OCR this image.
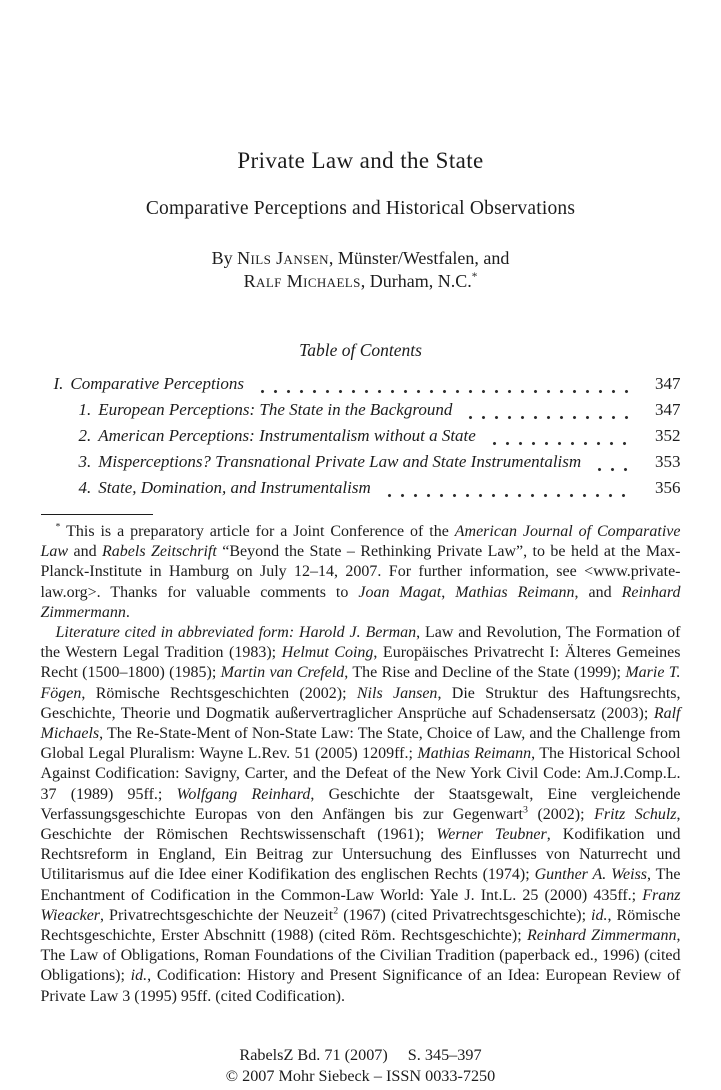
Private Law and the State
Comparative Perceptions and Historical Observations
By Nils Jansen, Münster/Westfalen, and
Ralf Michaels, Durham, N.C.*
Table of Contents
I. Comparative Perceptions	347
1. European Perceptions: The State in the Background	347
2. American Perceptions: Instrumentalism without a State	352
3. Misperceptions? Transnational Private Law and State Instrumentalism	353
4. State, Domination, and Instrumentalism	356

* This is a preparatory article for a Joint Conference of the American Journal of Comparative Law and Rabels Zeitschrift “Beyond the State – Rethinking Private Law”, to be held at the Max-Planck-Institute in Hamburg on July 12–14, 2007. For further information, see <www.private-law.org>. Thanks for valuable comments to Joan Magat, Mathias Reimann, and Reinhard Zimmermann.

Literature cited in abbreviated form: Harold J. Berman, Law and Revolution, The Formation of the Western Legal Tradition (1983); Helmut Coing, Europäisches Privatrecht I: Älteres Gemeines Recht (1500–1800) (1985); Martin van Crefeld, The Rise and Decline of the State (1999); Marie T. Fögen, Römische Rechtsgeschichten (2002); Nils Jansen, Die Struktur des Haftungsrechts, Geschichte, Theorie und Dogmatik außervertraglicher Ansprüche auf Schadensersatz (2003); Ralf Michaels, The Re-State-Ment of Non-State Law: The State, Choice of Law, and the Challenge from Global Legal Pluralism: Wayne L.Rev. 51 (2005) 1209ff.; Mathias Reimann, The Historical School Against Codification: Savigny, Carter, and the Defeat of the New York Civil Code: Am.J.Comp.L. 37 (1989) 95ff.; Wolfgang Reinhard, Geschichte der Staatsgewalt, Eine vergleichende Verfassungsgeschichte Europas von den Anfängen bis zur Gegenwart$^3$ (2002); Fritz Schulz, Geschichte der Römischen Rechtswissenschaft (1961); Werner Teubner, Kodifikation und Rechtsreform in England, Ein Beitrag zur Untersuchung des Einflusses von Naturrecht und Utilitarismus auf die Idee einer Kodifikation des englischen Rechts (1974); Gunther A. Weiss, The Enchantment of Codification in the Common-Law World: Yale J. Int.L. 25 (2000) 435ff.; Franz Wieacker, Privatrechtsgeschichte der Neuzeit$^2$ (1967) (cited Privatrechtsgeschichte); id., Römische Rechtsgeschichte, Erster Abschnitt (1988) (cited Röm. Rechtsgeschichte); Reinhard Zimmermann, The Law of Obligations, Roman Foundations of the Civilian Tradition (paperback ed., 1996) (cited Obligations); id., Codification: History and Present Significance of an Idea: European Review of Private Law 3 (1995) 95ff. (cited Codification).

RabelsZ Bd. 71 (2007) S. 345–397
© 2007 Mohr Siebeck – ISSN 0033-7250
